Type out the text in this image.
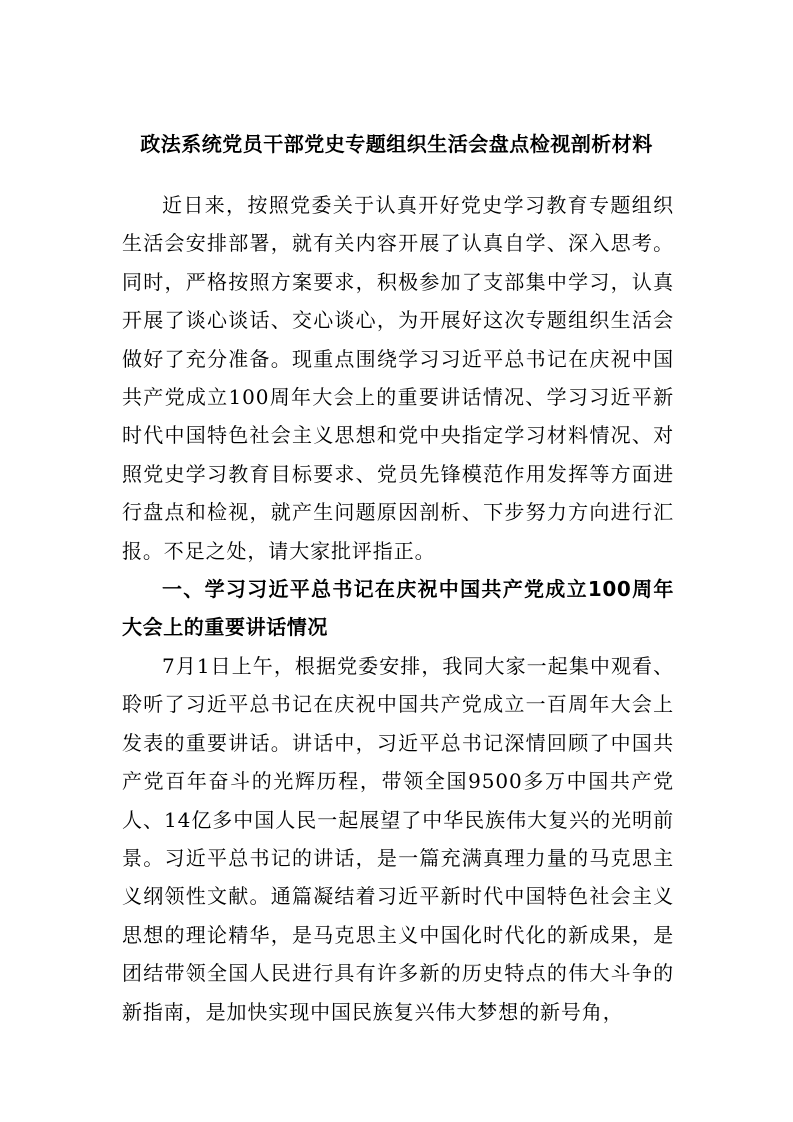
政法系统党员干部党史专题组织生活会盘点检视剖析材料

近日来，按照党委关于认真开好党史学习教育专题组织生活会安排部署，就有关内容开展了认真自学、深入思考。同时，严格按照方案要求，积极参加了支部集中学习，认真开展了谈心谈话、交心谈心，为开展好这次专题组织生活会做好了充分准备。现重点围绕学习习近平总书记在庆祝中国共产党成立100周年大会上的重要讲话情况、学习习近平新时代中国特色社会主义思想和党中央指定学习材料情况、对照党史学习教育目标要求、党员先锋模范作用发挥等方面进行盘点和检视，就产生问题原因剖析、下步努力方向进行汇报。不足之处，请大家批评指正。

一、学习习近平总书记在庆祝中国共产党成立100周年大会上的重要讲话情况

7月1日上午，根据党委安排，我同大家一起集中观看、聆听了习近平总书记在庆祝中国共产党成立一百周年大会上发表的重要讲话。讲话中，习近平总书记深情回顾了中国共产党百年奋斗的光辉历程，带领全国9500多万中国共产党人、14亿多中国人民一起展望了中华民族伟大复兴的光明前景。习近平总书记的讲话，是一篇充满真理力量的马克思主义纲领性文献。通篇凝结着习近平新时代中国特色社会主义思想的理论精华，是马克思主义中国化时代化的新成果，是团结带领全国人民进行具有许多新的历史特点的伟大斗争的新指南，是加快实现中国民族复兴伟大梦想的新号角，
